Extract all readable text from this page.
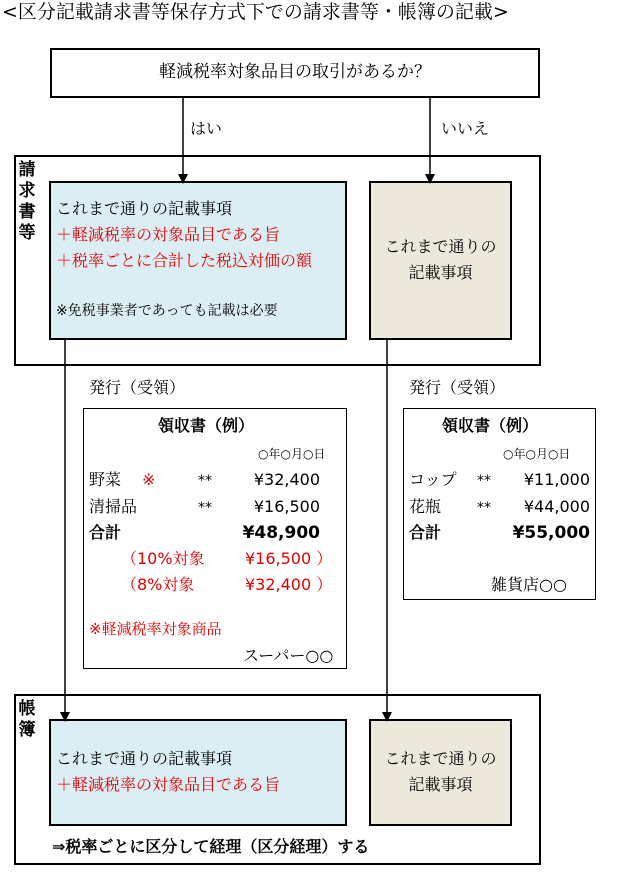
<区分記載請求書等保存方式下での請求書等・帳簿の記載>
軽減税率対象品目の取引があるか？
はい	いいえ
請
求
書
等
これまで通りの記載事項
＋軽減税率の対象品目である旨
＋税率ごとに合計した税込対価の額
※免税事業者であっても記載は必要
これまで通りの
記載事項
発行（受領）	発行（受領）
領収書（例）
○年○月○日
野菜 ※	**	¥32,400
清掃品	**	¥16,500
合計	¥48,900
（10%対象	¥16,500 ）
（8%対象	¥32,400 ）
※軽減税率対象商品
スーパー○○
領収書（例）
○年○月○日
コップ **	¥11,000
花瓶	**	¥44,000
合計	¥55,000
雑貨店○○
帳
簿
これまで通りの記載事項
＋軽減税率の対象品目である旨
これまで通りの
記載事項
⇒税率ごとに区分して経理（区分経理）する
